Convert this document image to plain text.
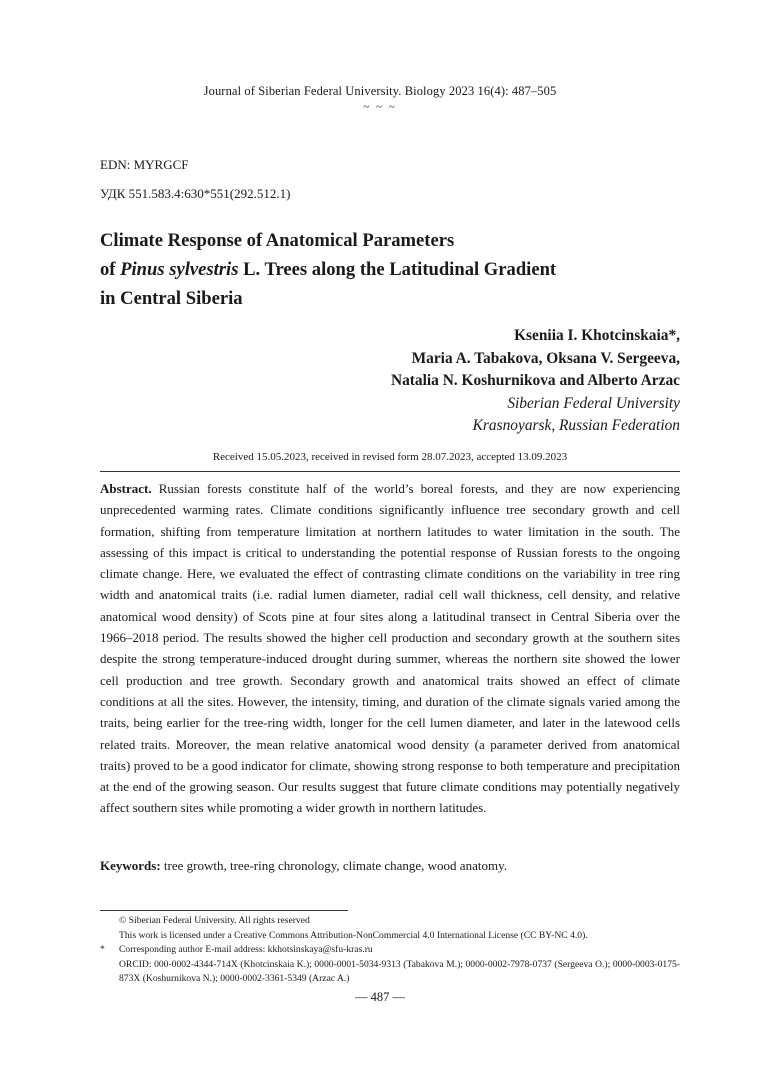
Journal of Siberian Federal University. Biology 2023 16(4): 487–505
~ ~ ~
EDN: MYRGCF
УДК 551.583.4:630*551(292.512.1)
Climate Response of Anatomical Parameters
of Pinus sylvestris L. Trees along the Latitudinal Gradient
in Central Siberia
Kseniia I. Khotcinskaia*,
Maria A. Tabakova, Oksana V. Sergeeva,
Natalia N. Koshurnikova and Alberto Arzac
Siberian Federal University
Krasnoyarsk, Russian Federation
Received 15.05.2023, received in revised form 28.07.2023, accepted 13.09.2023

Abstract. Russian forests constitute half of the world’s boreal forests, and they are now experiencing unprecedented warming rates. Climate conditions significantly influence tree secondary growth and cell formation, shifting from temperature limitation at northern latitudes to water limitation in the south. The assessing of this impact is critical to understanding the potential response of Russian forests to the ongoing climate change. Here, we evaluated the effect of contrasting climate conditions on the variability in tree ring width and anatomical traits (i.e. radial lumen diameter, radial cell wall thickness, cell density, and relative anatomical wood density) of Scots pine at four sites along a latitudinal transect in Central Siberia over the 1966–2018 period. The results showed the higher cell production and secondary growth at the southern sites despite the strong temperature-induced drought during summer, whereas the northern site showed the lower cell production and tree growth. Secondary growth and anatomical traits showed an effect of climate conditions at all the sites. However, the intensity, timing, and duration of the climate signals varied among the traits, being earlier for the tree-ring width, longer for the cell lumen diameter, and later in the latewood cells related traits. Moreover, the mean relative anatomical wood density (a parameter derived from anatomical traits) proved to be a good indicator for climate, showing strong response to both temperature and precipitation at the end of the growing season. Our results suggest that future climate conditions may potentially negatively affect southern sites while promoting a wider growth in northern latitudes.

Keywords: tree growth, tree-ring chronology, climate change, wood anatomy.

© Siberian Federal University. All rights reserved
This work is licensed under a Creative Commons Attribution-NonCommercial 4.0 International License (CC BY-NC 4.0).
* Corresponding author E-mail address: kkhotsinskaya@sfu-kras.ru
ORCID: 000-0002-4344-714X (Khotcinskaia K.); 0000-0001-5034-9313 (Tabakova M.); 0000-0002-7978-0737 (Sergeeva O.); 0000-0003-0175-873X (Koshurnikova N.); 0000-0002-3361-5349 (Arzac A.)
— 487 —
